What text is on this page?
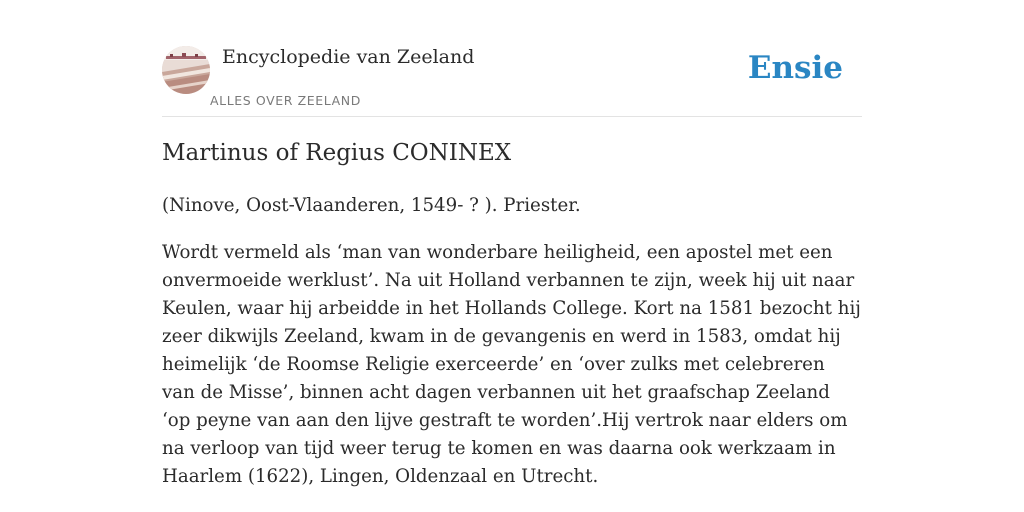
Encyclopedie van Zeeland
ALLES OVER ZEELAND
Ensie
Martinus of Regius CONINEX

(Ninove, Oost-Vlaanderen, 1549- ? ). Priester.

Wordt vermeld als ‘man van wonderbare heiligheid, een apostel met een onvermoeide werklust’. Na uit Holland verbannen te zijn, week hij uit naar Keulen, waar hij arbeidde in het Hollands College. Kort na 1581 bezocht hij zeer dikwijls Zeeland, kwam in de gevangenis en werd in 1583, omdat hij heimelijk ‘de Roomse Religie exerceerde’ en ‘over zulks met celebreren van de Misse’, binnen acht dagen verbannen uit het graafschap Zeeland ‘op peyne van aan den lijve gestraft te worden’.Hij vertrok naar elders om na verloop van tijd weer terug te komen en was daarna ook werkzaam in Haarlem (1622), Lingen, Oldenzaal en Utrecht.
